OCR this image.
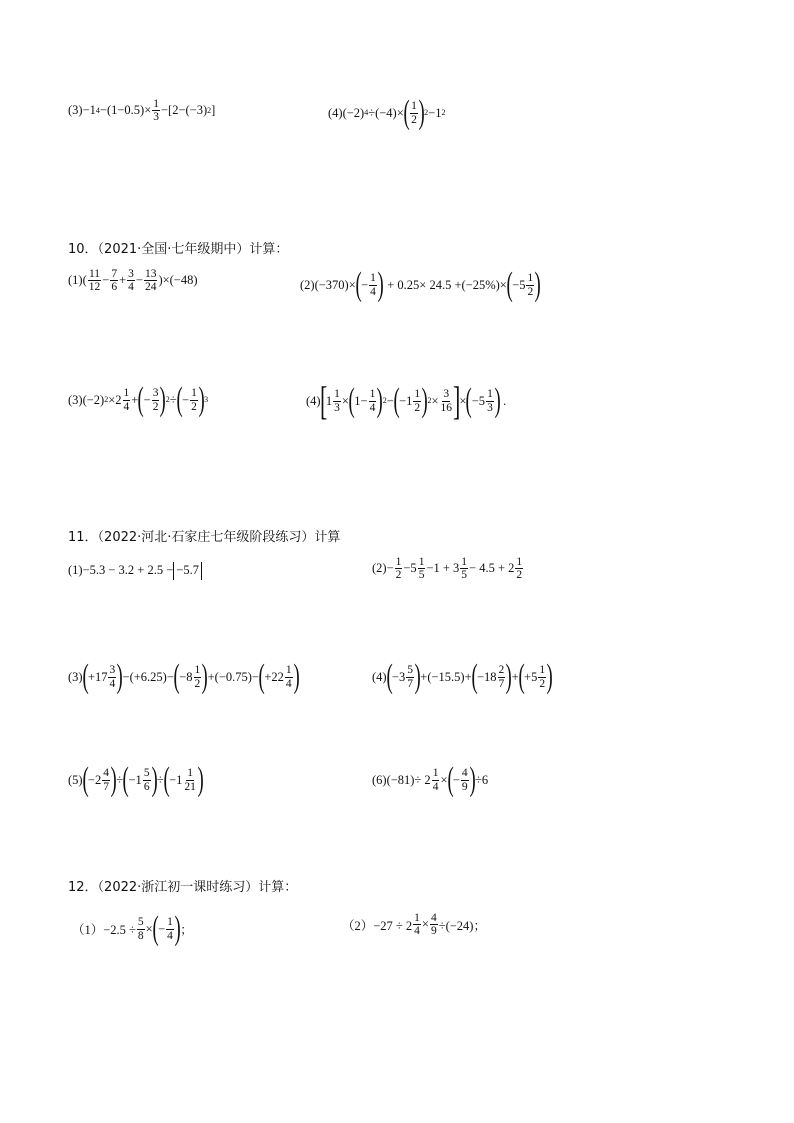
(3) −1 $4 -(1-0.5)\times \frac{1}{3} -[2-(-3)$ 2 ]	(4) (−2) 4 ÷(−4)× ( $\frac{1}{2}$ ) 2 −1 2
10．（2021·全国·七年级期中）计算：
$(1)( \frac{11}{12} - \frac{7}{6} + \frac{3}{4} - \frac{13}{24} )\times(-48)$	(2)(−370)× ( − $\frac{1}{4}$ ) + 0.25× 24.5 +(−25%)× ( $-5 \frac{1}{2}$ )
(3)(−2) $2 \times 2 \frac{1}{4}$ + ( − $\frac{3}{2}$ ) 2 ÷ ( − $\frac{1}{2}$ ) 3	(4)
[
$1 \frac{1}{3}$ × ( $1- \frac{1}{4}$ ) 2 − ( $-1 \frac{1}{2}$ ) $2 \times \frac{3}{16}$ ]
× ( $-5 \frac{1}{3}$ ) .
11．（2022·河北·石家庄七年级阶段练习）计算
(1)−5.3 − 3.2 + 2.5 − −5.7	$(2)- \frac{1}{2} -5 \frac{1}{5} -1 + 3 \frac{1}{5} - 4.5 + 2 \frac{1}{2}$
(3) ( $+17 \frac{3}{4}$ ) −(+6.25)− ( $-8 \frac{1}{2}$ ) +(−0.75)− ( $+22 \frac{1}{4}$ )	(4) ( $-3 \frac{5}{7}$ ) +(−15.5)+ ( $-18 \frac{2}{7}$ ) + ( $+5 \frac{1}{2}$ )
(5) ( $-2 \frac{4}{7}$ ) ÷ ( $-1 \frac{5}{6}$ ) ÷ ( $-1 \frac{1}{21}$ )	$(6)(-81)\div 2 \frac{1}{4}$ × ( − $\frac{4}{9}$ ) ÷6
12．（2022·浙江初一课时练习）计算：
$(1)-2.5 \div \frac{5}{8}$ × ( − $\frac{1}{4}$ ) ；	$(2)-27 \div 2 \frac{1}{4} \times \frac{4}{9} \div(-24)$；
